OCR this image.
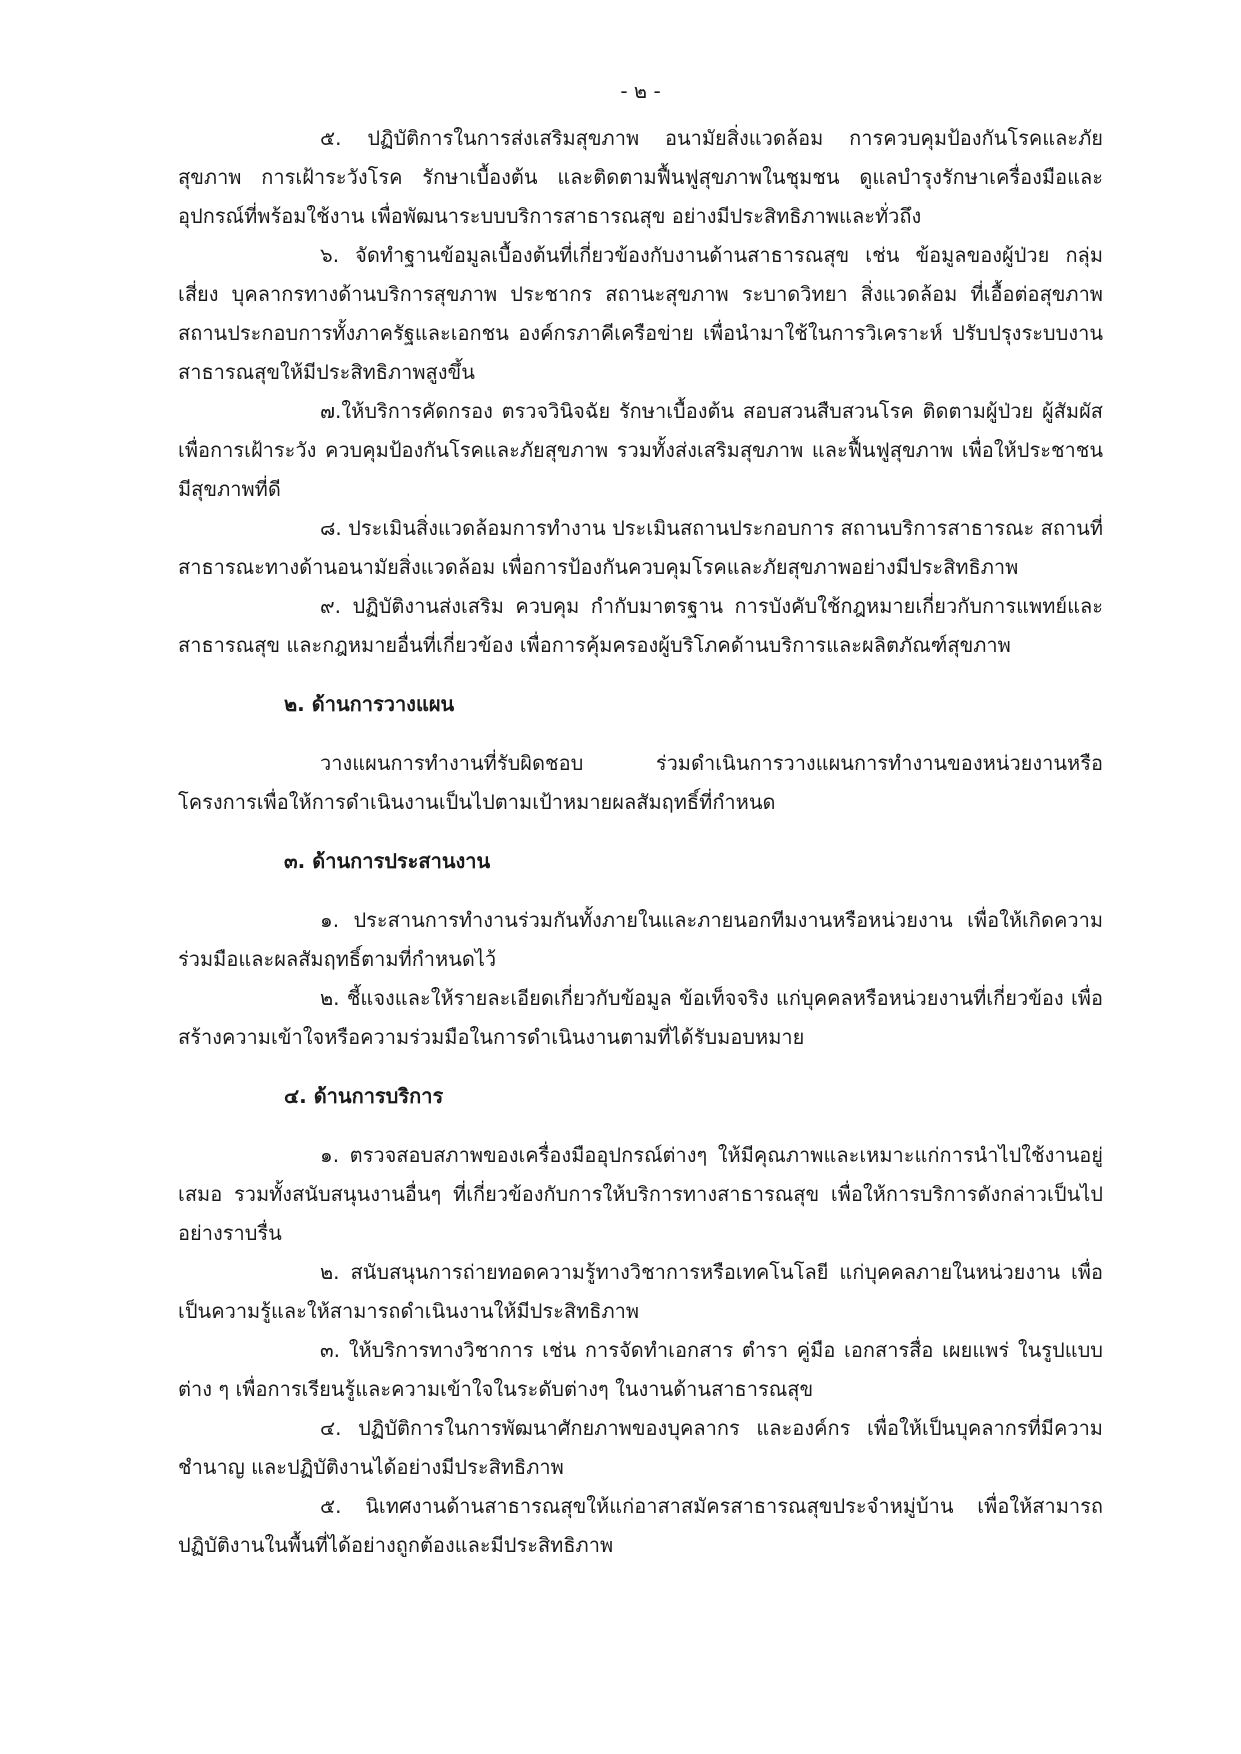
- ๒ -

๕. ปฏิบัติการในการส่งเสริมสุขภาพ อนามัยสิ่งแวดล้อม การควบคุมป้องกันโรคและภัยสุขภาพ การเฝ้าระวังโรค รักษาเบื้องต้น และติดตามฟื้นฟูสุขภาพในชุมชน ดูแลบำรุงรักษาเครื่องมือและอุปกรณ์ที่พร้อมใช้งาน เพื่อพัฒนาระบบบริการสาธารณสุข อย่างมีประสิทธิภาพและทั่วถึง

๖. จัดทำฐานข้อมูลเบื้องต้นที่เกี่ยวข้องกับงานด้านสาธารณสุข เช่น ข้อมูลของผู้ป่วย กลุ่มเสี่ยง บุคลากรทางด้านบริการสุขภาพ ประชากร สถานะสุขภาพ ระบาดวิทยา สิ่งแวดล้อม ที่เอื้อต่อสุขภาพ สถานประกอบการทั้งภาครัฐและเอกชน องค์กรภาคีเครือข่าย เพื่อนำมาใช้ในการวิเคราะห์ ปรับปรุงระบบงานสาธารณสุขให้มีประสิทธิภาพสูงขึ้น

๗.ให้บริการคัดกรอง ตรวจวินิจฉัย รักษาเบื้องต้น สอบสวนสืบสวนโรค ติดตามผู้ป่วย ผู้สัมผัสเพื่อการเฝ้าระวัง ควบคุมป้องกันโรคและภัยสุขภาพ รวมทั้งส่งเสริมสุขภาพ และฟื้นฟูสุขภาพ เพื่อให้ประชาชนมีสุขภาพที่ดี

๘. ประเมินสิ่งแวดล้อมการทำงาน ประเมินสถานประกอบการ สถานบริการสาธารณะ สถานที่สาธารณะทางด้านอนามัยสิ่งแวดล้อม เพื่อการป้องกันควบคุมโรคและภัยสุขภาพอย่างมีประสิทธิภาพ

๙. ปฏิบัติงานส่งเสริม ควบคุม กำกับมาตรฐาน การบังคับใช้กฎหมายเกี่ยวกับการแพทย์และสาธารณสุข และกฎหมายอื่นที่เกี่ยวข้อง เพื่อการคุ้มครองผู้บริโภคด้านบริการและผลิตภัณฑ์สุขภาพ

๒. ด้านการวางแผน

วางแผนการทำงานที่รับผิดชอบ ร่วมดำเนินการวางแผนการทำงานของหน่วยงานหรือโครงการเพื่อให้การดำเนินงานเป็นไปตามเป้าหมายผลสัมฤทธิ์ที่กำหนด

๓. ด้านการประสานงาน

๑. ประสานการทำงานร่วมกันทั้งภายในและภายนอกทีมงานหรือหน่วยงาน เพื่อให้เกิดความร่วมมือและผลสัมฤทธิ์ตามที่กำหนดไว้

๒. ชี้แจงและให้รายละเอียดเกี่ยวกับข้อมูล ข้อเท็จจริง แก่บุคคลหรือหน่วยงานที่เกี่ยวข้อง เพื่อสร้างความเข้าใจหรือความร่วมมือในการดำเนินงานตามที่ได้รับมอบหมาย

๔. ด้านการบริการ

๑. ตรวจสอบสภาพของเครื่องมืออุปกรณ์ต่างๆ ให้มีคุณภาพและเหมาะแก่การนำไปใช้งานอยู่เสมอ รวมทั้งสนับสนุนงานอื่นๆ ที่เกี่ยวข้องกับการให้บริการทางสาธารณสุข เพื่อให้การบริการดังกล่าวเป็นไปอย่างราบรื่น

๒. สนับสนุนการถ่ายทอดความรู้ทางวิชาการหรือเทคโนโลยี แก่บุคคลภายในหน่วยงาน เพื่อเป็นความรู้และให้สามารถดำเนินงานให้มีประสิทธิภาพ

๓. ให้บริการทางวิชาการ เช่น การจัดทำเอกสาร ตำรา คู่มือ เอกสารสื่อ เผยแพร่ ในรูปแบบต่าง ๆ เพื่อการเรียนรู้และความเข้าใจในระดับต่างๆ ในงานด้านสาธารณสุข

๔. ปฏิบัติการในการพัฒนาศักยภาพของบุคลากร และองค์กร เพื่อให้เป็นบุคลากรที่มีความชำนาญ และปฏิบัติงานได้อย่างมีประสิทธิภาพ

๕. นิเทศงานด้านสาธารณสุขให้แก่อาสาสมัครสาธารณสุขประจำหมู่บ้าน เพื่อให้สามารถปฏิบัติงานในพื้นที่ได้อย่างถูกต้องและมีประสิทธิภาพ
